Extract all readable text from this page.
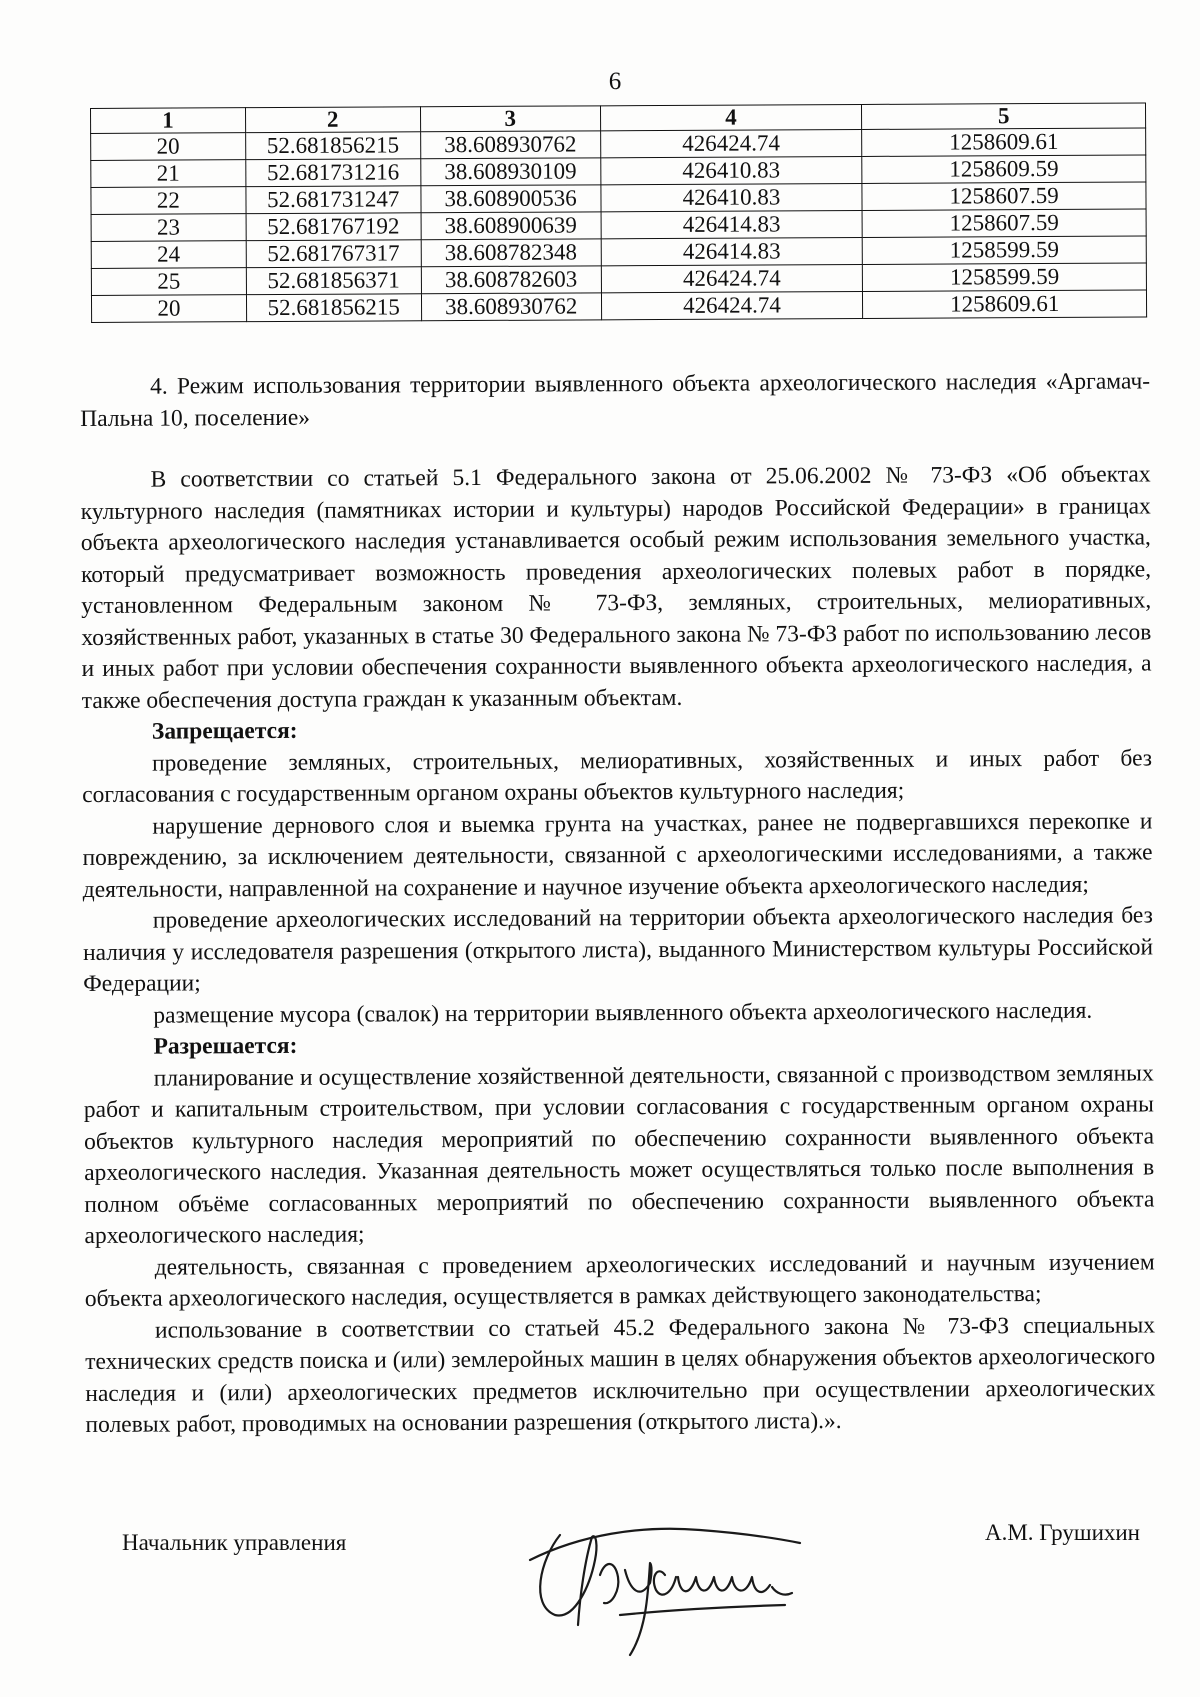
6
1	2	3	4	5
20	52.681856215	38.608930762	426424.74	1258609.61
21	52.681731216	38.608930109	426410.83	1258609.59
22	52.681731247	38.608900536	426410.83	1258607.59
23	52.681767192	38.608900639	426414.83	1258607.59
24	52.681767317	38.608782348	426414.83	1258599.59
25	52.681856371	38.608782603	426424.74	1258599.59
20	52.681856215	38.608930762	426424.74	1258609.61

4. Режим использования территории выявленного объекта археологического наследия «Аргамач-Пальна 10, поселение»

В соответствии со статьей 5.1 Федерального закона от 25.06.2002 № 73-ФЗ «Об объектах культурного наследия (памятниках истории и культуры) народов Российской Федерации» в границах объекта археологического наследия устанавливается особый режим использования земельного участка, который предусматривает возможность проведения археологических полевых работ в порядке, установленном Федеральным законом № 73-ФЗ, земляных, строительных, мелиоративных, хозяйственных работ, указанных в статье 30 Федерального закона № 73-ФЗ работ по использованию лесов и иных работ при условии обеспечения сохранности выявленного объекта археологического наследия, а также обеспечения доступа граждан к указанным объектам.

Запрещается:

проведение земляных, строительных, мелиоративных, хозяйственных и иных работ без согласования с государственным органом охраны объектов культурного наследия;

нарушение дернового слоя и выемка грунта на участках, ранее не подвергавшихся перекопке и повреждению, за исключением деятельности, связанной с археологическими исследованиями, а также деятельности, направленной на сохранение и научное изучение объекта археологического наследия;

проведение археологических исследований на территории объекта археологического наследия без наличия у исследователя разрешения (открытого листа), выданного Министерством культуры Российской Федерации;

размещение мусора (свалок) на территории выявленного объекта археологического наследия.

Разрешается:

планирование и осуществление хозяйственной деятельности, связанной с производством земляных работ и капитальным строительством, при условии согласования с государственным органом охраны объектов культурного наследия мероприятий по обеспечению сохранности выявленного объекта археологического наследия. Указанная деятельность может осуществляться только после выполнения в полном объёме согласованных мероприятий по обеспечению сохранности выявленного объекта археологического наследия;

деятельность, связанная с проведением археологических исследований и научным изучением объекта археологического наследия, осуществляется в рамках действующего законодательства;

использование в соответствии со статьей 45.2 Федерального закона № 73-ФЗ специальных технических средств поиска и (или) землеройных машин в целях обнаружения объектов археологического наследия и (или) археологических предметов исключительно при осуществлении археологических полевых работ, проводимых на основании разрешения (открытого листа).».

Начальник управления	А.М. Грушихин
